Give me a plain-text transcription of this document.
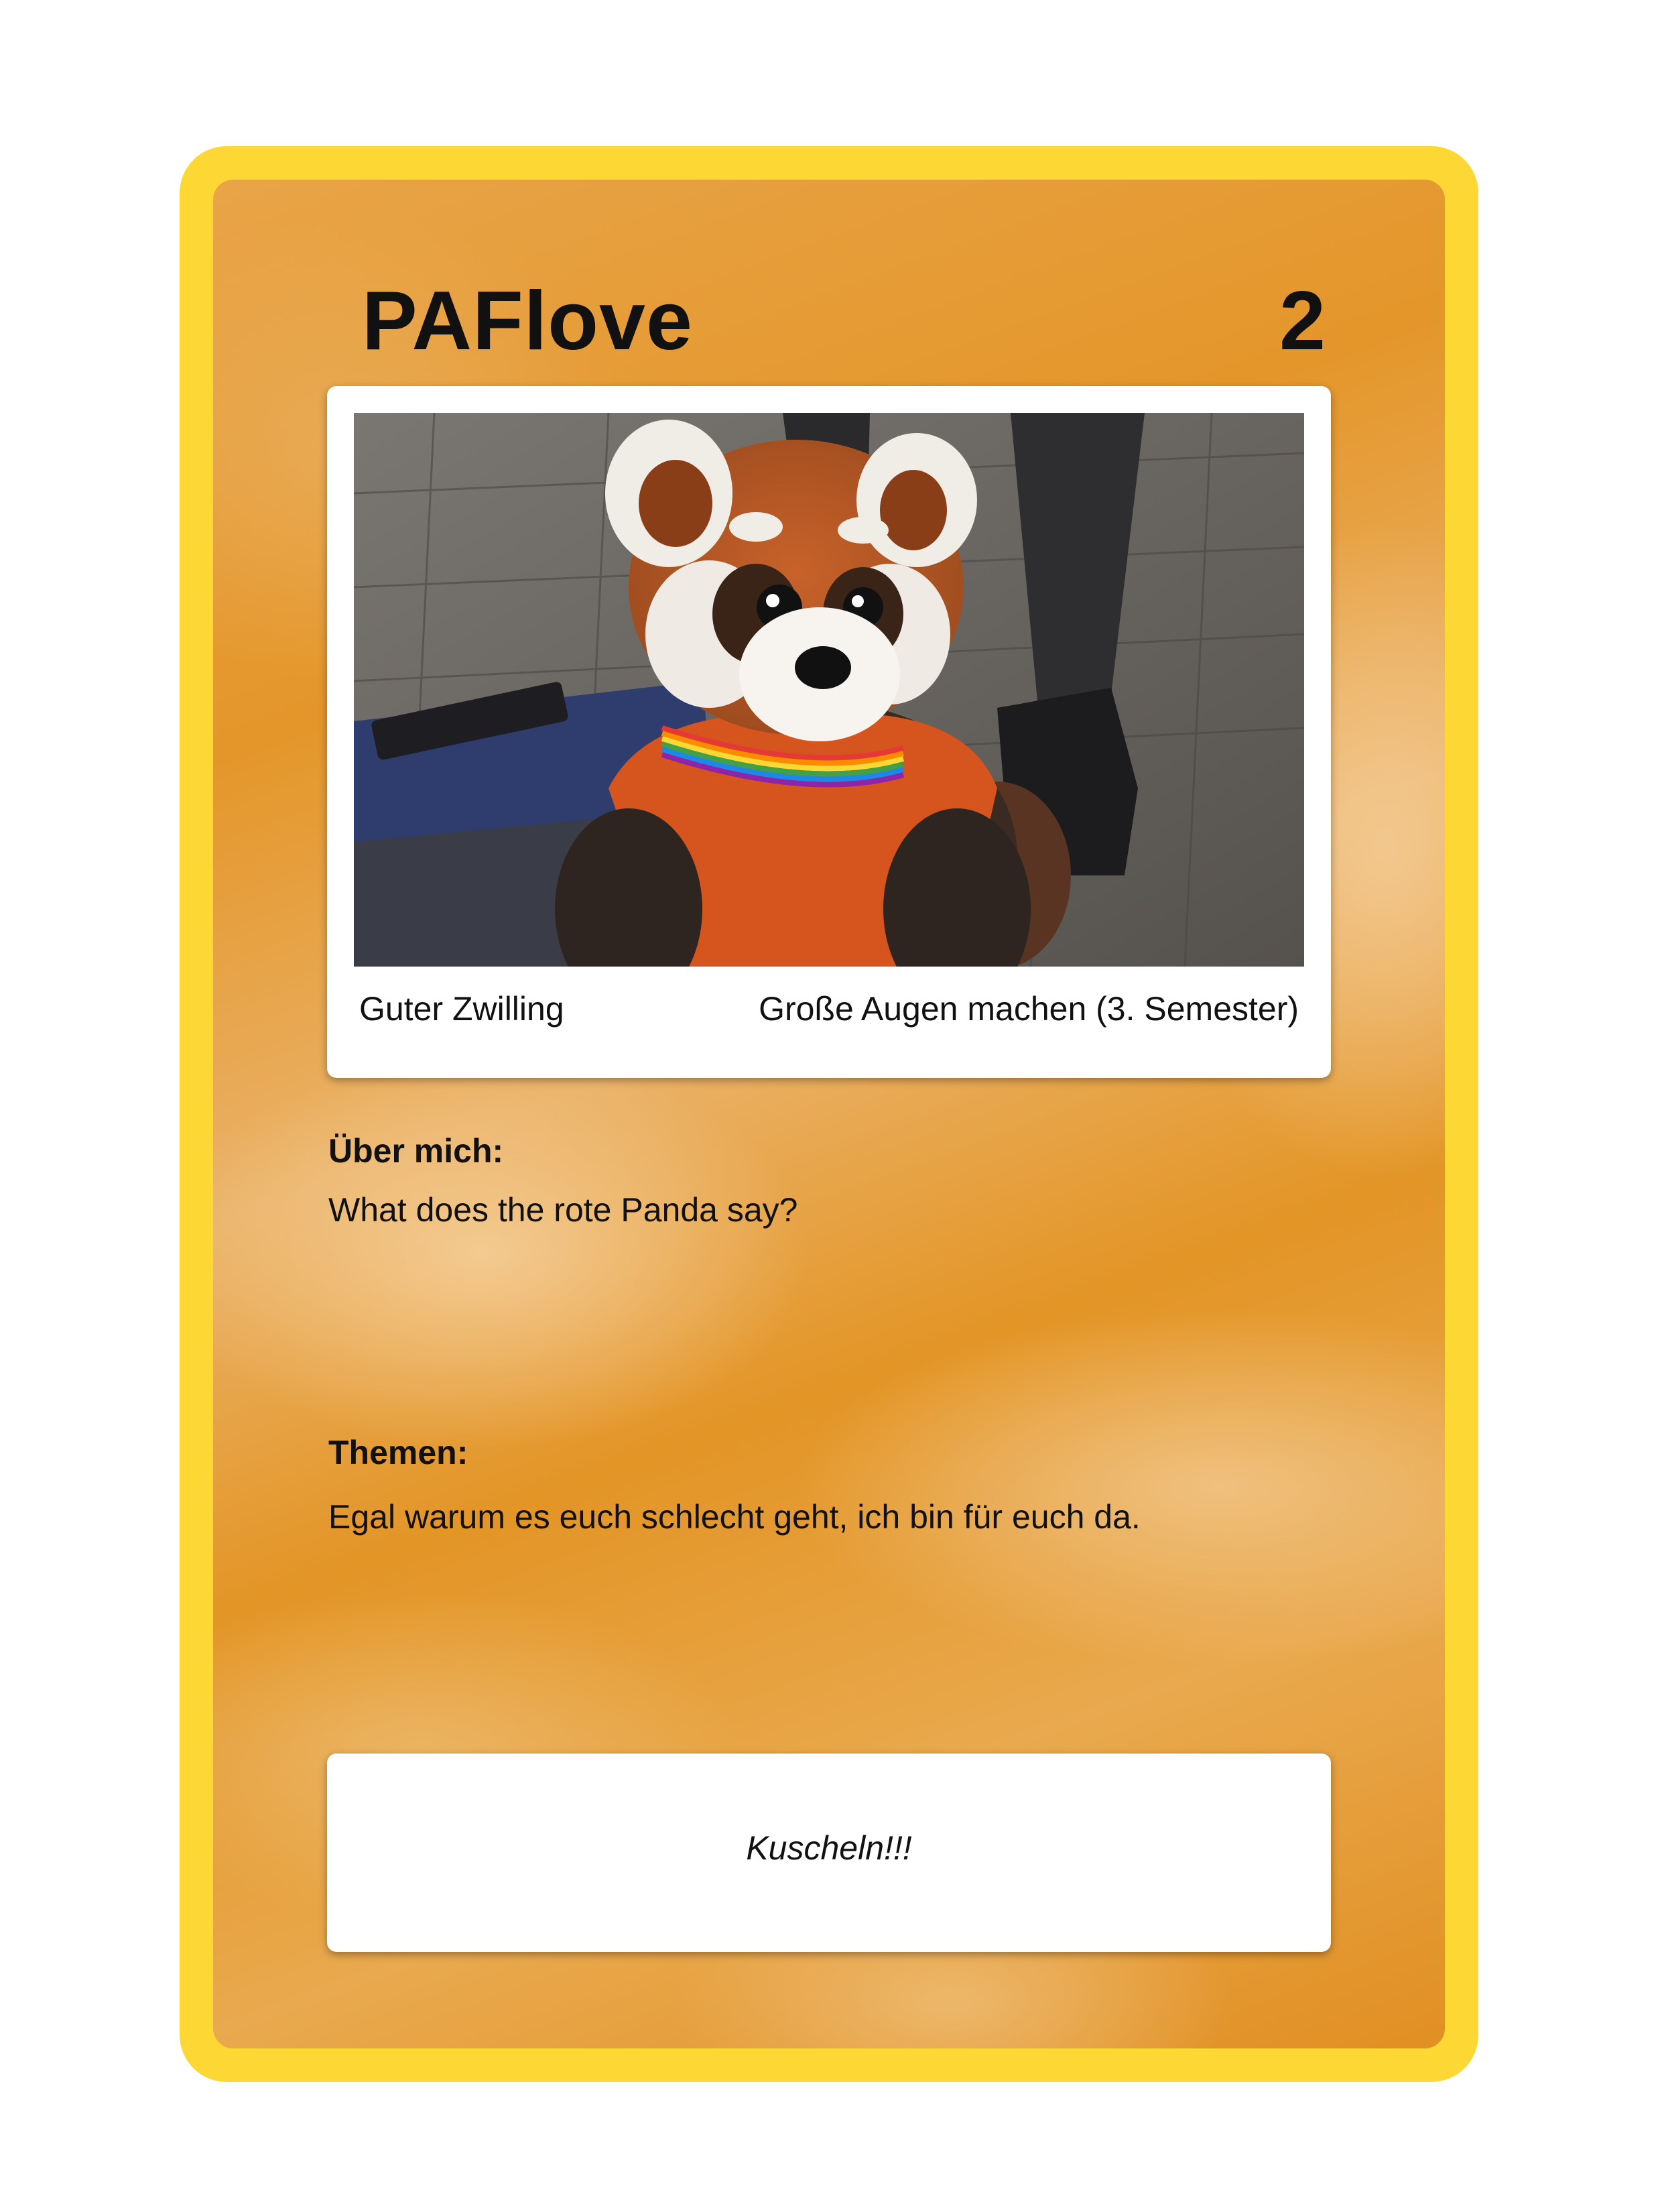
PAFlove	2
Guter Zwilling	Große Augen machen (3. Semester)
Über mich:
What does the rote Panda say?
Themen:
Egal warum es euch schlecht geht, ich bin für euch da.
Kuscheln!!!
